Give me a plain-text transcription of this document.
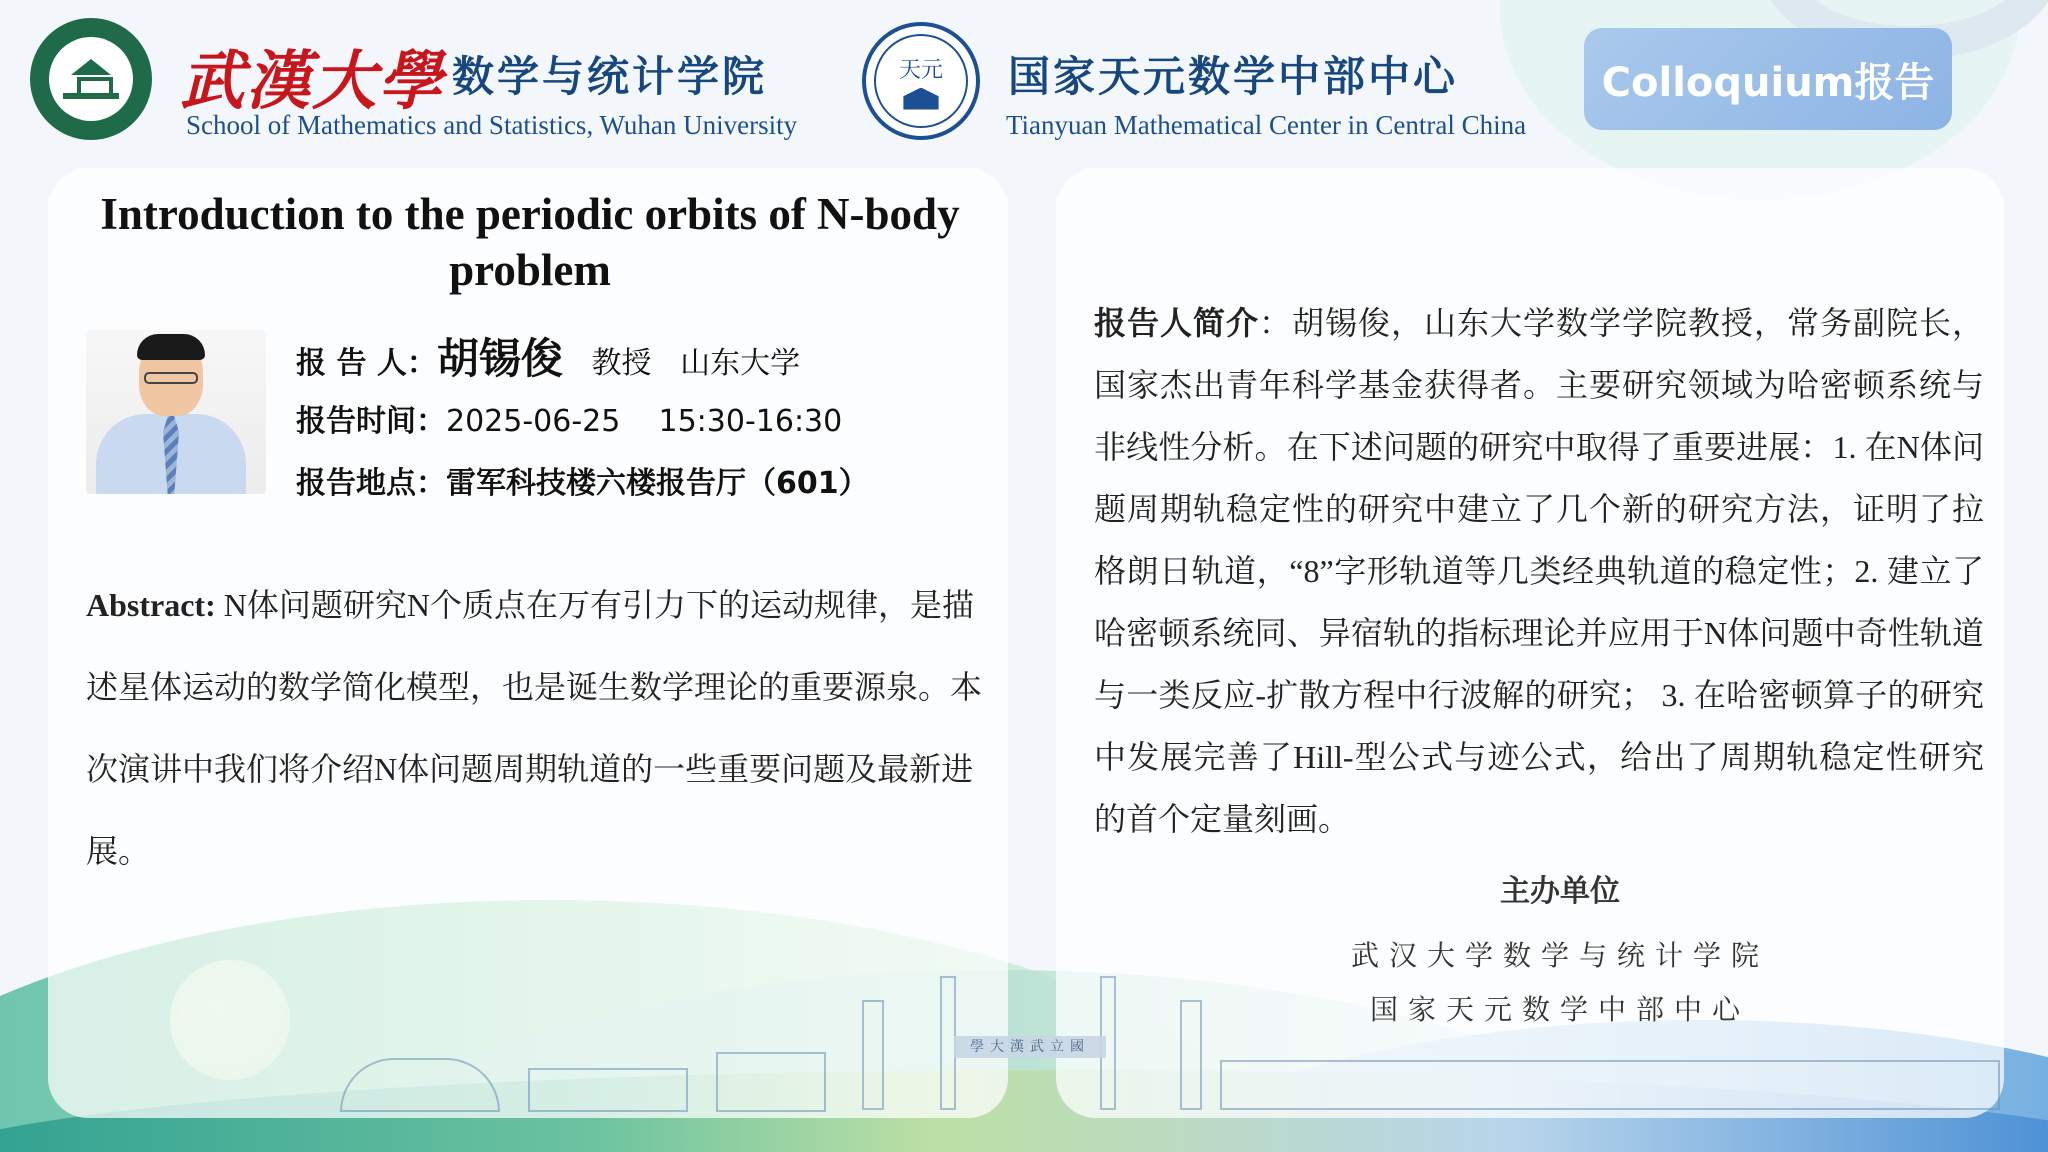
武漢大學 数学与统计学院
School of Mathematics and Statistics, Wuhan University
天元 国家天元数学中部中心
Tianyuan Mathematical Center in Central China
Colloquium报告
Introduction to the periodic orbits of N-body problem
报 告 人：胡锡俊 教授 山东大学
报告时间：2025-06-25    15:30-16:30
报告地点：雷军科技楼六楼报告厅（601）
Abstract: N体问题研究N个质点在万有引力下的运动规律，是描述星体运动的数学简化模型，也是诞生数学理论的重要源泉。本次演讲中我们将介绍N体问题周期轨道的一些重要问题及最新进展。
报告人简介：胡锡俊，山东大学数学学院教授，常务副院长，国家杰出青年科学基金获得者。主要研究领域为哈密顿系统与非线性分析。在下述问题的研究中取得了重要进展：1. 在N体问题周期轨稳定性的研究中建立了几个新的研究方法，证明了拉格朗日轨道，“8”字形轨道等几类经典轨道的稳定性；2. 建立了哈密顿系统同、异宿轨的指标理论并应用于N体问题中奇性轨道与一类反应-扩散方程中行波解的研究； 3. 在哈密顿算子的研究中发展完善了Hill-型公式与迹公式，给出了周期轨稳定性研究的首个定量刻画。
主办单位
武汉大学数学与统计学院
国家天元数学中部中心
學大漢武立國
